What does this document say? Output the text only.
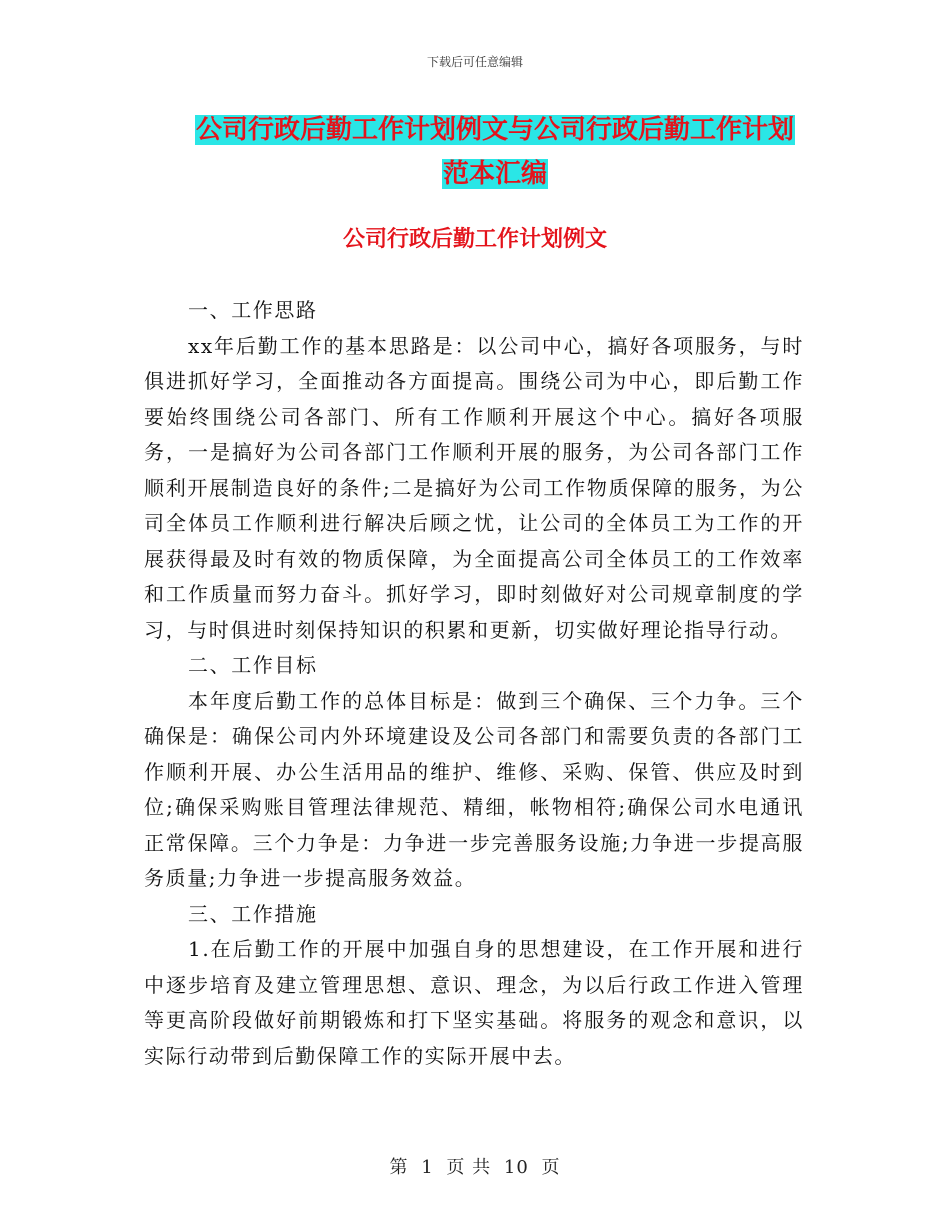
下载后可任意编辑
公司行政后勤工作计划例文与公司行政后勤工作计划
范本汇编
公司行政后勤工作计划例文

一、工作思路

xx年后勤工作的基本思路是：以公司中心，搞好各项服务，与时俱进抓好学习，全面推动各方面提高。围绕公司为中心，即后勤工作要始终围绕公司各部门、所有工作顺利开展这个中心。搞好各项服务，一是搞好为公司各部门工作顺利开展的服务，为公司各部门工作顺利开展制造良好的条件;二是搞好为公司工作物质保障的服务，为公司全体员工作顺利进行解决后顾之忧，让公司的全体员工为工作的开展获得最及时有效的物质保障，为全面提高公司全体员工的工作效率和工作质量而努力奋斗。抓好学习，即时刻做好对公司规章制度的学习，与时俱进时刻保持知识的积累和更新，切实做好理论指导行动。

二、工作目标

本年度后勤工作的总体目标是：做到三个确保、三个力争。三个确保是：确保公司内外环境建设及公司各部门和需要负责的各部门工作顺利开展、办公生活用品的维护、维修、采购、保管、供应及时到位;确保采购账目管理法律规范、精细，帐物相符;确保公司水电通讯正常保障。三个力争是：力争进一步完善服务设施;力争进一步提高服务质量;力争进一步提高服务效益。

三、工作措施

1.在后勤工作的开展中加强自身的思想建设，在工作开展和进行中逐步培育及建立管理思想、意识、理念，为以后行政工作进入管理等更高阶段做好前期锻炼和打下坚实基础。将服务的观念和意识，以实际行动带到后勤保障工作的实际开展中去。

第 1 页 共 10 页
